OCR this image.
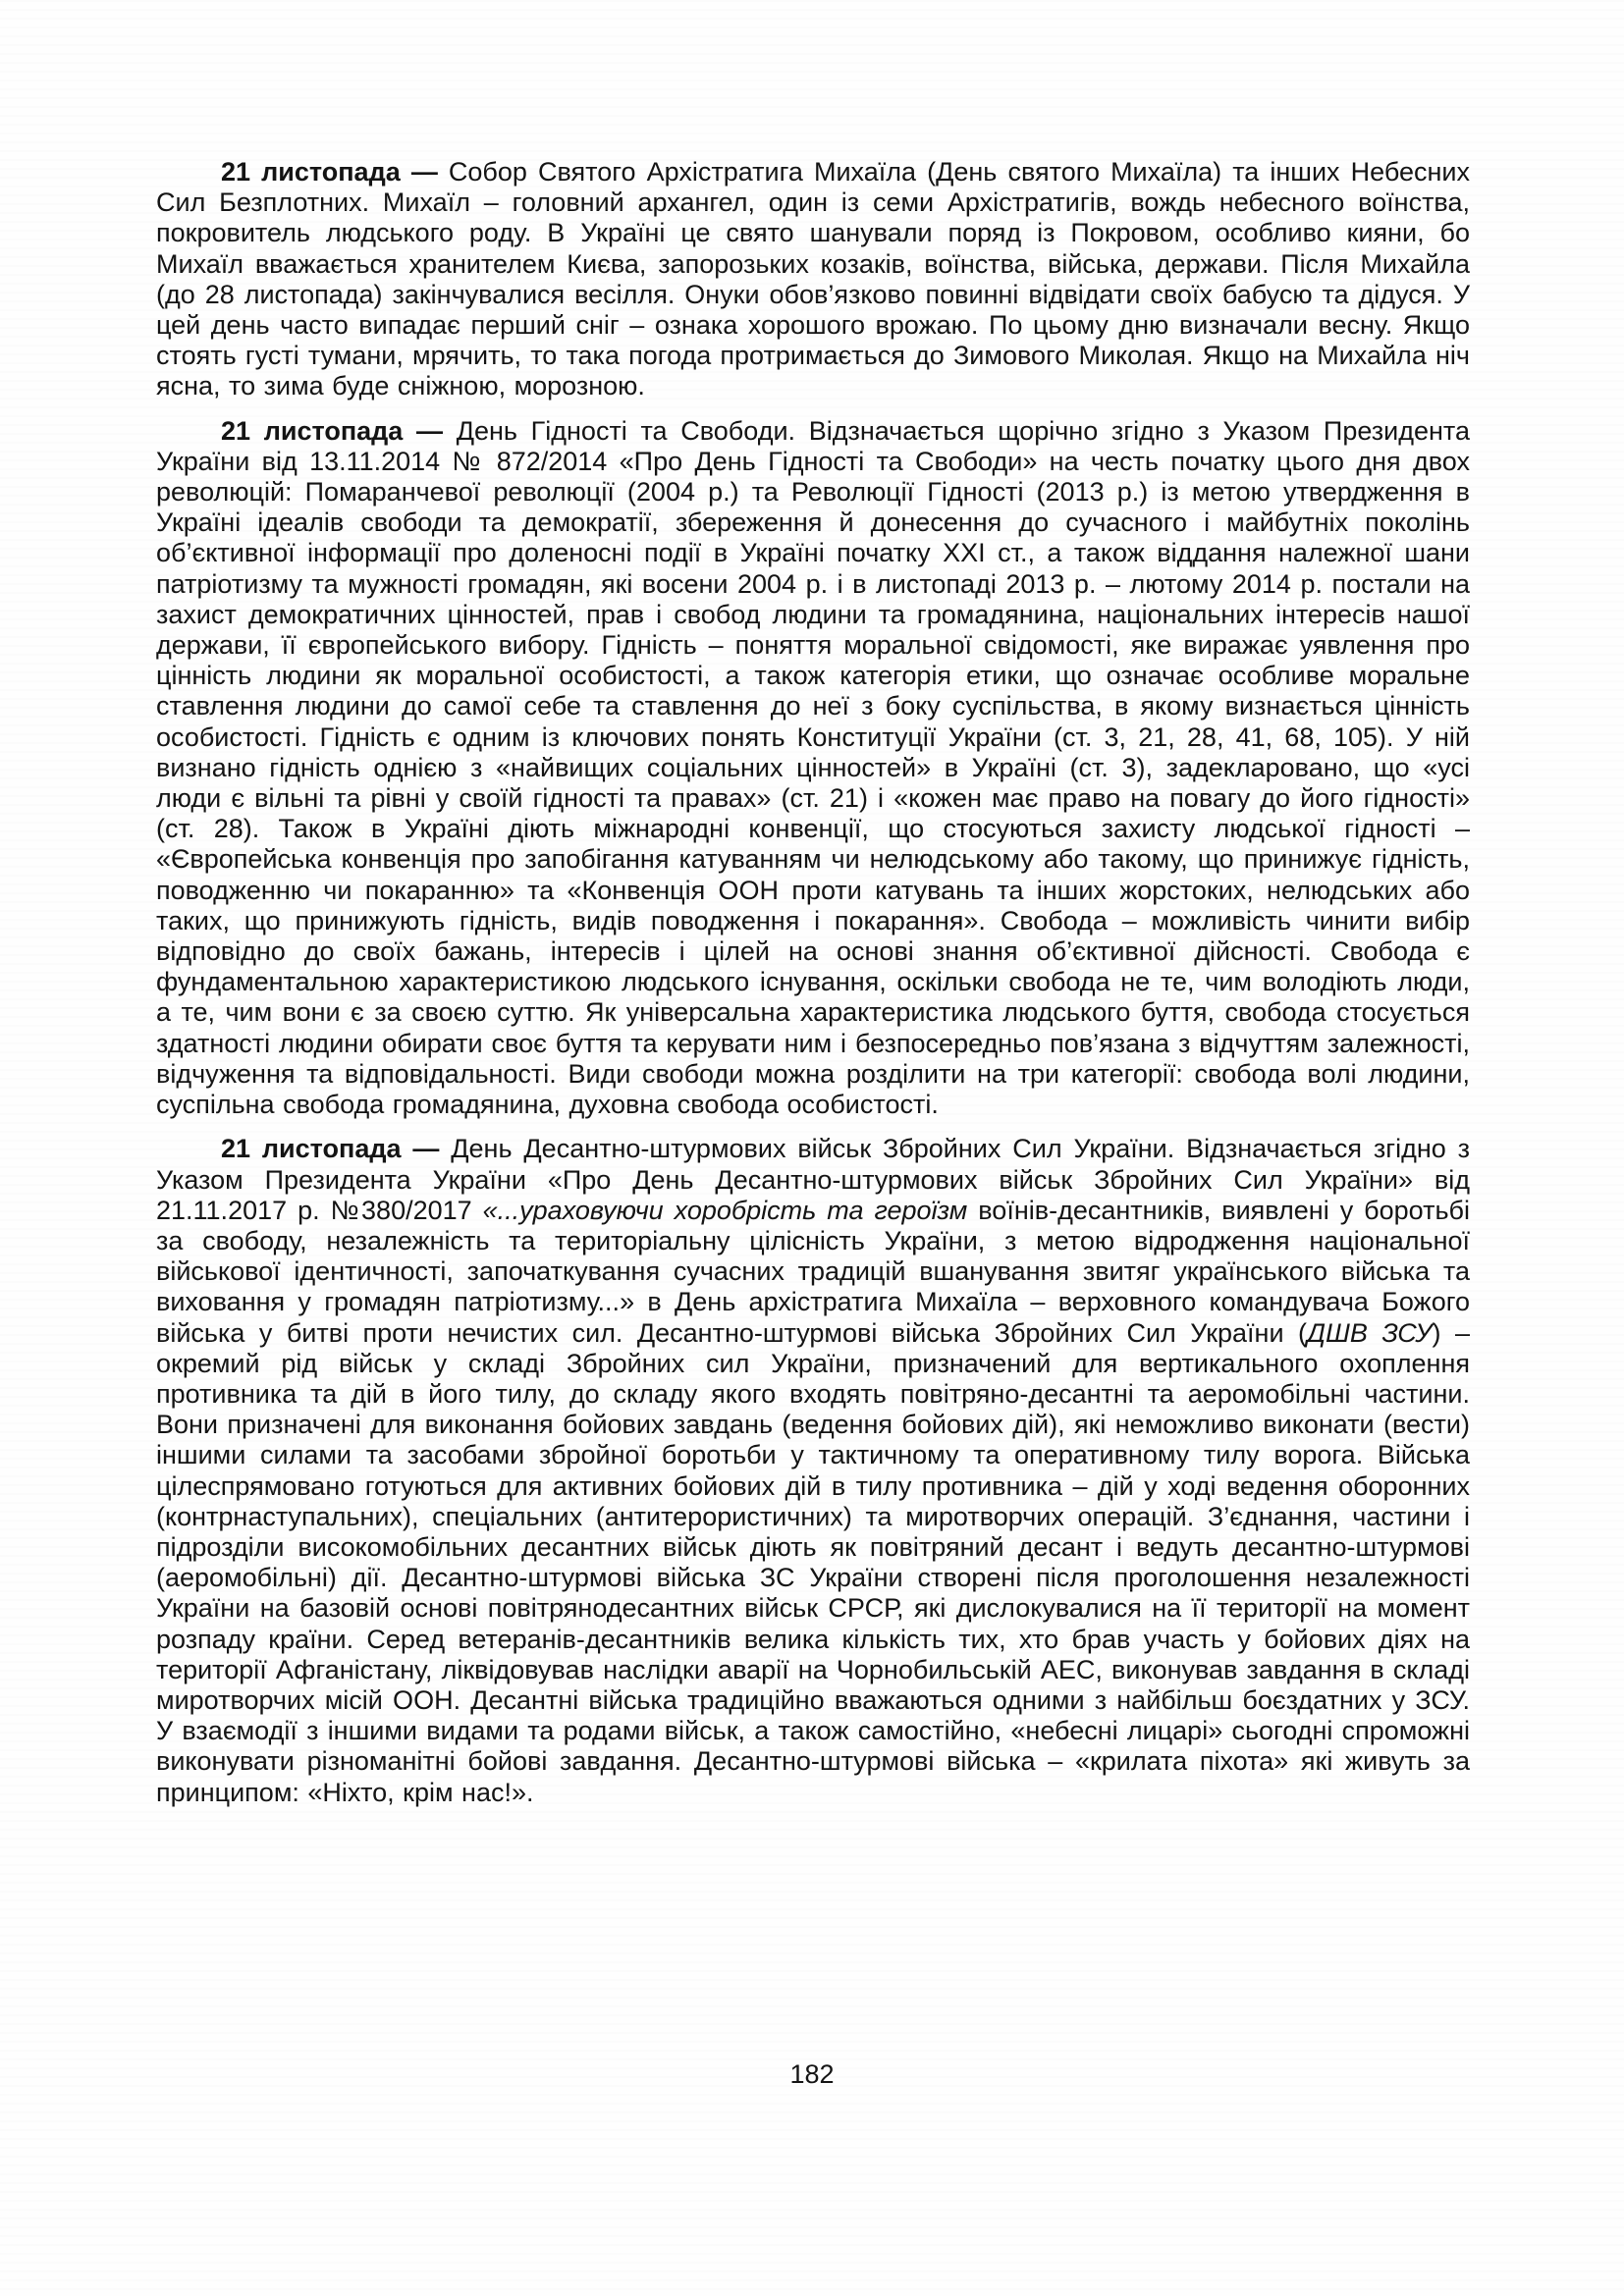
21 листопада — Собор Святого Архістратига Михаїла (День святого Михаїла) та інших Небесних Сил Безплотних. Михаїл – головний архангел, один із семи Архістратигів, вождь небесного воїнства, покровитель людського роду. В Україні це свято шанували поряд із Покровом, особливо кияни, бо Михаїл вважається хранителем Києва, запорозьких козаків, воїнства, війська, держави. Після Михайла (до 28 листопада) закінчувалися весілля. Онуки обов’язково повинні відвідати своїх бабусю та дідуся. У цей день часто випадає перший сніг – ознака хорошого врожаю. По цьому дню визначали весну. Якщо стоять густі тумани, мрячить, то така погода протримається до Зимового Миколая. Якщо на Михайла ніч ясна, то зима буде сніжною, морозною.

21 листопада — День Гідності та Свободи. Відзначається щорічно згідно з Указом Президента України від 13.11.2014 № 872/2014 «Про День Гідності та Свободи» на честь початку цього дня двох революцій: Помаранчевої революції (2004 р.) та Революції Гідності (2013 р.) із метою утвердження в Україні ідеалів свободи та демократії, збереження й донесення до сучасного і майбутніх поколінь об’єктивної інформації про доленосні події в Україні початку XXI ст., а також віддання належної шани патріотизму та мужності громадян, які восени 2004 р. і в листопаді 2013 р. – лютому 2014 р. постали на захист демократичних цінностей, прав і свобод людини та громадянина, національних інтересів нашої держави, її європейського вибору. Гідність – поняття моральної свідомості, яке виражає уявлення про цінність людини як моральної особистості, а також категорія етики, що означає особливе моральне ставлення людини до самої себе та ставлення до неї з боку суспільства, в якому визнається цінність особистості. Гідність є одним із ключових понять Конституції України (ст. 3, 21, 28, 41, 68, 105). У ній визнано гідність однією з «найвищих соціальних цінностей» в Україні (ст. 3), задекларовано, що «усі люди є вільні та рівні у своїй гідності та правах» (ст. 21) і «кожен має право на повагу до його гідності» (ст. 28). Також в Україні діють міжнародні конвенції, що стосуються захисту людської гідності – «Європейська конвенція про запобігання катуванням чи нелюдському або такому, що принижує гідність, поводженню чи покаранню» та «Конвенція ООН проти катувань та інших жорстоких, нелюдських або таких, що принижують гідність, видів поводження і покарання». Свобода – можливість чинити вибір відповідно до своїх бажань, інтересів і цілей на основі знання об’єктивної дійсності. Свобода є фундаментальною характеристикою людського існування, оскільки свобода не те, чим володіють люди, а те, чим вони є за своєю суттю. Як універсальна характеристика людського буття, свобода стосується здатності людини обирати своє буття та керувати ним і безпосередньо пов’язана з відчуттям залежності, відчуження та відповідальності. Види свободи можна розділити на три категорії: свобода волі людини, суспільна свобода громадянина, духовна свобода особистості.

21 листопада — День Десантно-штурмових військ Збройних Сил України. Відзначається згідно з Указом Президента України «Про День Десантно-штурмових військ Збройних Сил України» від 21.11.2017 р. №380/2017 «...ураховуючи хоробрість та героїзм воїнів-десантників, виявлені у боротьбі за свободу, незалежність та територіальну цілісність України, з метою відродження національної військової ідентичності, започаткування сучасних традицій вшанування звитяг українського війська та виховання у громадян патріотизму...» в День архістратига Михаїла – верховного командувача Божого війська у битві проти нечистих сил. Десантно-штурмові війська Збройних Сил України (ДШВ ЗСУ) – окремий рід військ у складі Збройних сил України, призначений для вертикального охоплення противника та дій в його тилу, до складу якого входять повітряно-десантні та аеромобільні частини. Вони призначені для виконання бойових завдань (ведення бойових дій), які неможливо виконати (вести) іншими силами та засобами збройної боротьби у тактичному та оперативному тилу ворога. Війська цілеспрямовано готуються для активних бойових дій в тилу противника – дій у ході ведення оборонних (контрнаступальних), спеціальних (антитерористичних) та миротворчих операцій. З’єднання, частини і підрозділи високомобільних десантних військ діють як повітряний десант і ведуть десантно-штурмові (аеромобільні) дії. Десантно-штурмові війська ЗС України створені після проголошення незалежності України на базовій основі повітрянодесантних військ СРСР, які дислокувалися на її території на момент розпаду країни. Серед ветеранів-десантників велика кількість тих, хто брав участь у бойових діях на території Афганістану, ліквідовував наслідки аварії на Чорнобильській АЕС, виконував завдання в складі миротворчих місій ООН. Десантні війська традиційно вважаються одними з найбільш боєздатних у ЗСУ. У взаємодії з іншими видами та родами військ, а також самостійно, «небесні лицарі» сьогодні спроможні виконувати різноманітні бойові завдання. Десантно-штурмові війська – «крилата піхота» які живуть за принципом: «Ніхто, крім нас!».

182
